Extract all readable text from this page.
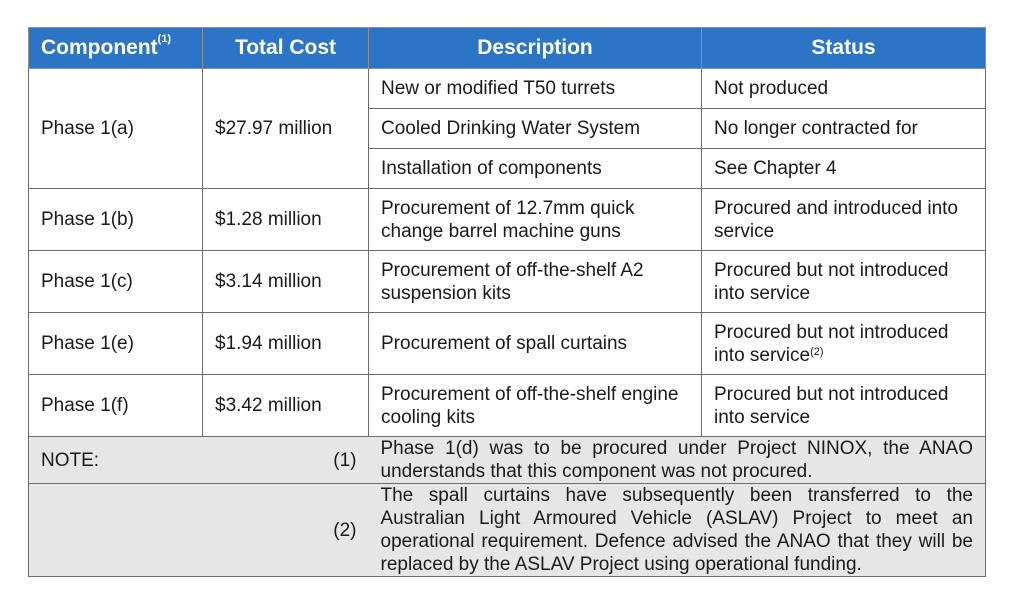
Component$^{(1)}$	Total Cost	Description	Status
Phase 1(a)	$27.97 million	New or modified T50 turrets	Not produced
		Cooled Drinking Water System	No longer contracted for
		Installation of components	See Chapter 4
Phase 1(b)	$1.28 million	Procurement of 12.7mm quick change barrel machine guns	Procured and introduced into service
Phase 1(c)	$3.14 million	Procurement of off-the-shelf A2 suspension kits	Procured but not introduced into service
Phase 1(e)	$1.94 million	Procurement of spall curtains	Procured but not introduced into service$^{(2)}$
Phase 1(f)	$3.42 million	Procurement of off-the-shelf engine cooling kits	Procured but not introduced into service
NOTE:	(1)	Phase 1(d) was to be procured under Project NINOX, the ANAO understands that this component was not procured.	
	(2)	The spall curtains have subsequently been transferred to the Australian Light Armoured Vehicle (ASLAV) Project to meet an operational requirement. Defence advised the ANAO that they will be replaced by the ASLAV Project using operational funding.	
